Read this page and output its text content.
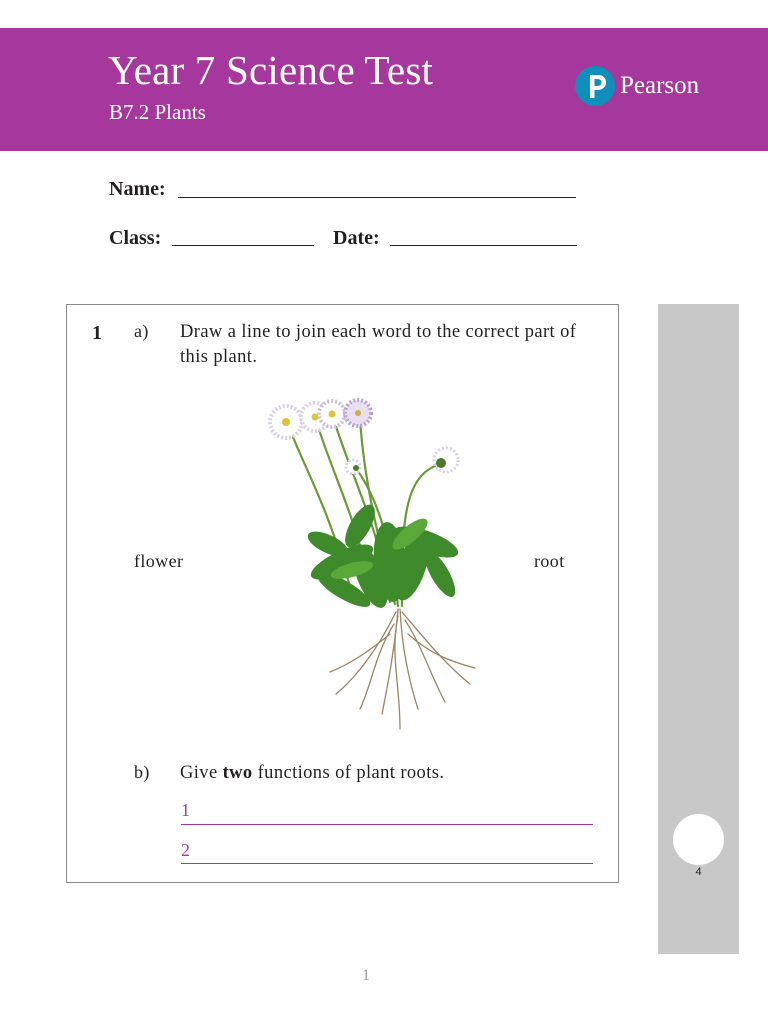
Year 7 Science Test
B7.2 Plants
Pearson
Name:
Class:	Date:
1 a) Draw a line to join each word to the correct part of this plant.
flower	root
b) Give two functions of plant roots.
1
2
4
1
